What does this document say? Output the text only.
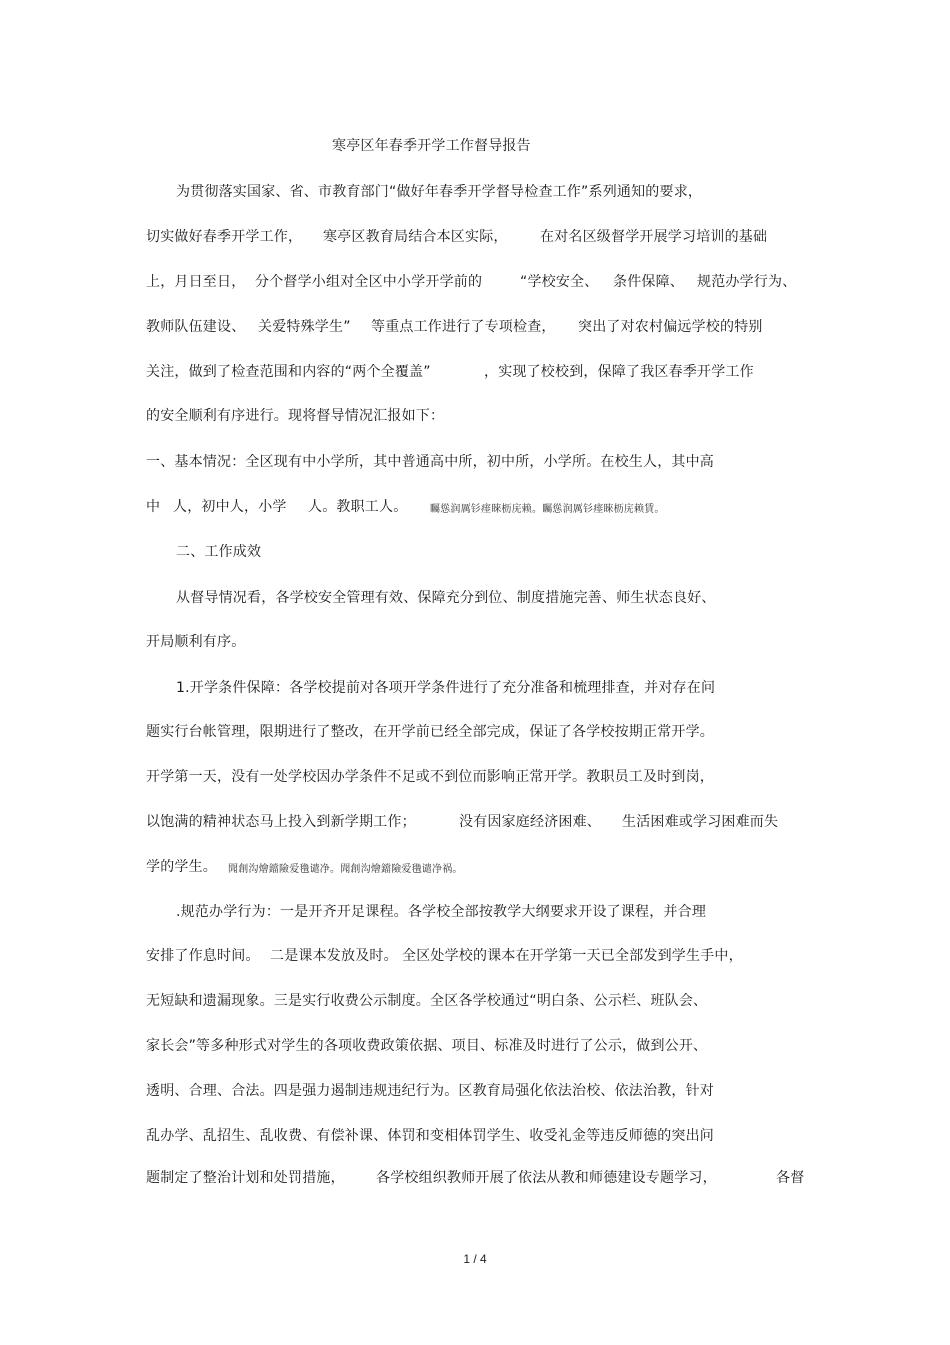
寒亭区年春季开学工作督导报告
为贯彻落实国家、省、市教育部门“做好年春季开学督导检查工作”系列通知的要求，
切实做好春季开学工作， 寒亭区教育局结合本区实际， 在对名区级督学开展学习培训的基础
上，月日至日， 分个督学小组对全区中小学开学前的	“学校安全、 条件保障、 规范办学行为、
教师队伍建设、 关爱特殊学生” 等重点工作进行了专项检查， 突出了对农村偏远学校的特别
关注，做到了检查范围和内容的“两个全覆盖”	，实现了校校到，保障了我区春季开学工作
的安全顺利有序进行。现将督导情况汇报如下：
一、基本情况：全区现有中小学所，其中普通高中所，初中所，小学所。在校生人，其中高
中 人，初中人，小学 人。教职工人。 矚慫润厲钐瘗睞枥庑赖。矚慫润厲钐瘗睞枥庑赖賃。
二、工作成效
从督导情况看，各学校安全管理有效、保障充分到位、制度措施完善、师生状态良好、
开局顺利有序。
1.开学条件保障：各学校提前对各项开学条件进行了充分准备和梳理排查，并对存在问
题实行台帐管理，限期进行了整改，在开学前已经全部完成，保证了各学校按期正常开学。
开学第一天，没有一处学校因办学条件不足或不到位而影响正常开学。教职员工及时到岗，
以饱满的精神状态马上投入到新学期工作；	没有因家庭经济困难、 生活困难或学习困难而失
学的学生。 聞創沟燴鐺險爱氇谴净。聞創沟燴鐺險爱氇谴净祸。
.规范办学行为：一是开齐开足课程。各学校全部按教学大纲要求开设了课程，并合理
安排了作息时间。 二是课本发放及时。 全区处学校的课本在开学第一天已全部发到学生手中，
无短缺和遗漏现象。三是实行收费公示制度。全区各学校通过“明白条、公示栏、班队会、
家长会”等多种形式对学生的各项收费政策依据、项目、标准及时进行了公示，做到公开、
透明、合理、合法。四是强力遏制违规违纪行为。区教育局强化依法治校、依法治教，针对
乱办学、乱招生、乱收费、有偿补课、体罚和变相体罚学生、收受礼金等违反师德的突出问
题制定了整治计划和处罚措施， 各学校组织教师开展了依法从教和师德建设专题学习，	各督
1 / 4
